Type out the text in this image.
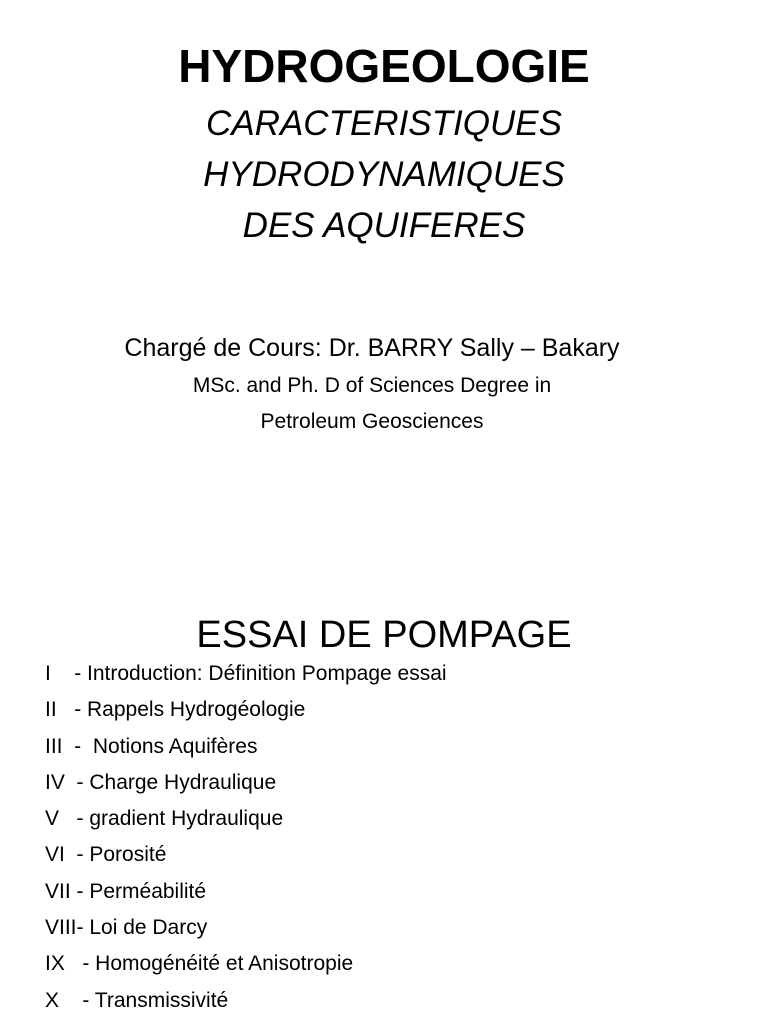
HYDROGEOLOGIE
CARACTERISTIQUES
HYDRODYNAMIQUES
DES AQUIFERES
Chargé de Cours: Dr. BARRY Sally – Bakary
MSc. and Ph. D of Sciences Degree in
Petroleum Geosciences
ESSAI DE POMPAGE
I - Introduction: Définition Pompage essai
II - Rappels Hydrogéologie
III  - Notions Aquifères
IV - Charge Hydraulique
V - gradient Hydraulique
VI - Porosité
VII - Perméabilité
VIII - Loi de Darcy
IX - Homogénéité et Anisotropie
X - Transmissivité
